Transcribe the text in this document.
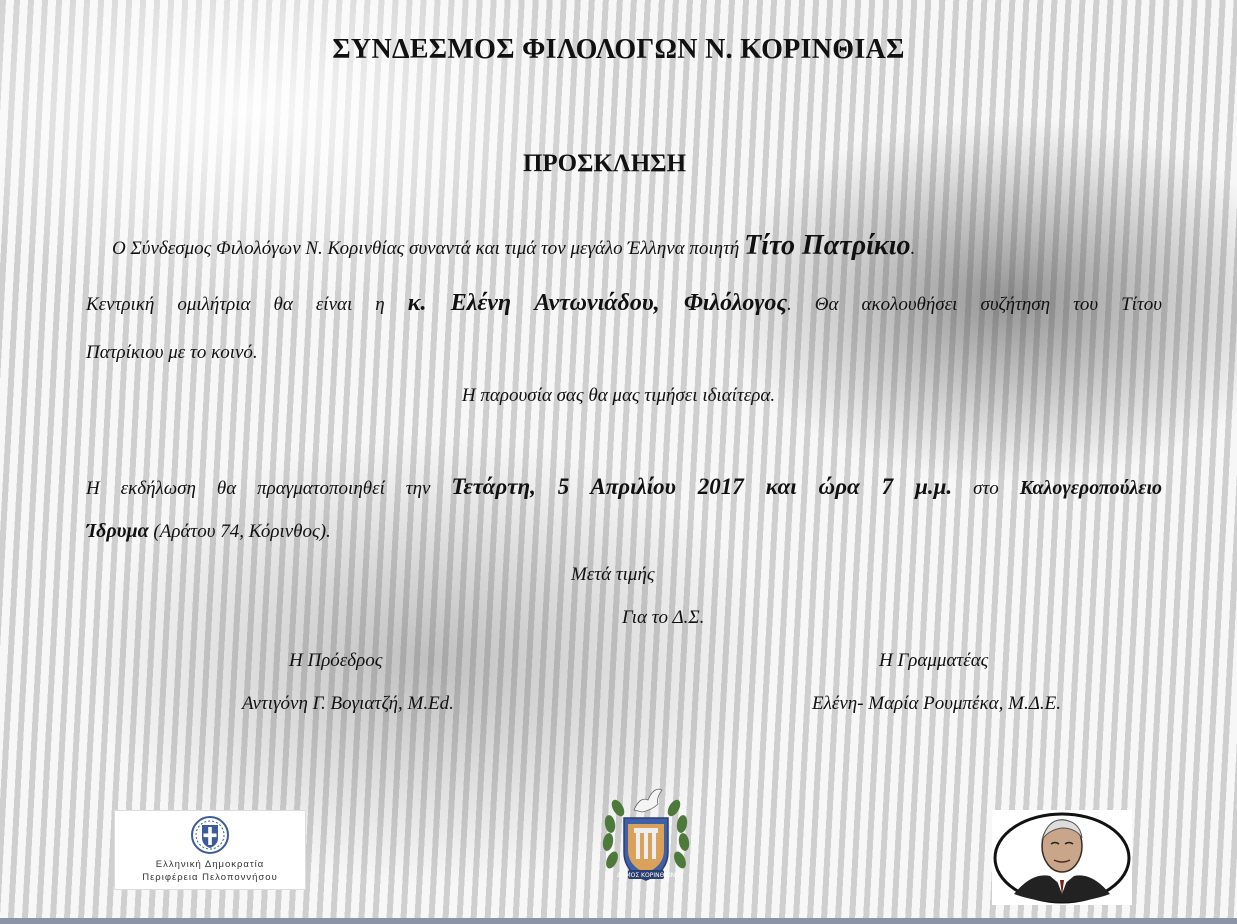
ΣΥΝΔΕΣΜΟΣ ΦΙΛΟΛΟΓΩΝ Ν. ΚΟΡΙΝΘΙΑΣ
ΠΡΟΣΚΛΗΣΗ
Ο Σύνδεσμος Φιλολόγων Ν. Κορινθίας συναντά και τιμά τον μεγάλο Έλληνα ποιητή Τίτο Πατρίκιο.
Κεντρική ομιλήτρια θα είναι η κ. Ελένη Αντωνιάδου, Φιλόλογος. Θα ακολουθήσει συζήτηση του Τίτου
Πατρίκιου με το κοινό.
Η παρουσία σας θα μας τιμήσει ιδιαίτερα.
Η εκδήλωση θα πραγματοποιηθεί την Τετάρτη, 5 Απριλίου 2017 και ώρα 7 μ.μ. στο Καλογεροπούλειο
Ίδρυμα (Αράτου 74, Κόρινθος).
Μετά τιμής
Για το Δ.Σ.
Η Πρόεδρος	Η Γραμματέας
Αντιγόνη Γ. Βογιατζή, M.Ed.	Ελένη- Μαρία Ρουμπέκα, Μ.Δ.Ε.
Ελληνική Δημοκρατία
Περιφέρεια Πελοποννήσου	ΔΗΜΟΣ ΚΟΡΙΝΘΙΩΝ
